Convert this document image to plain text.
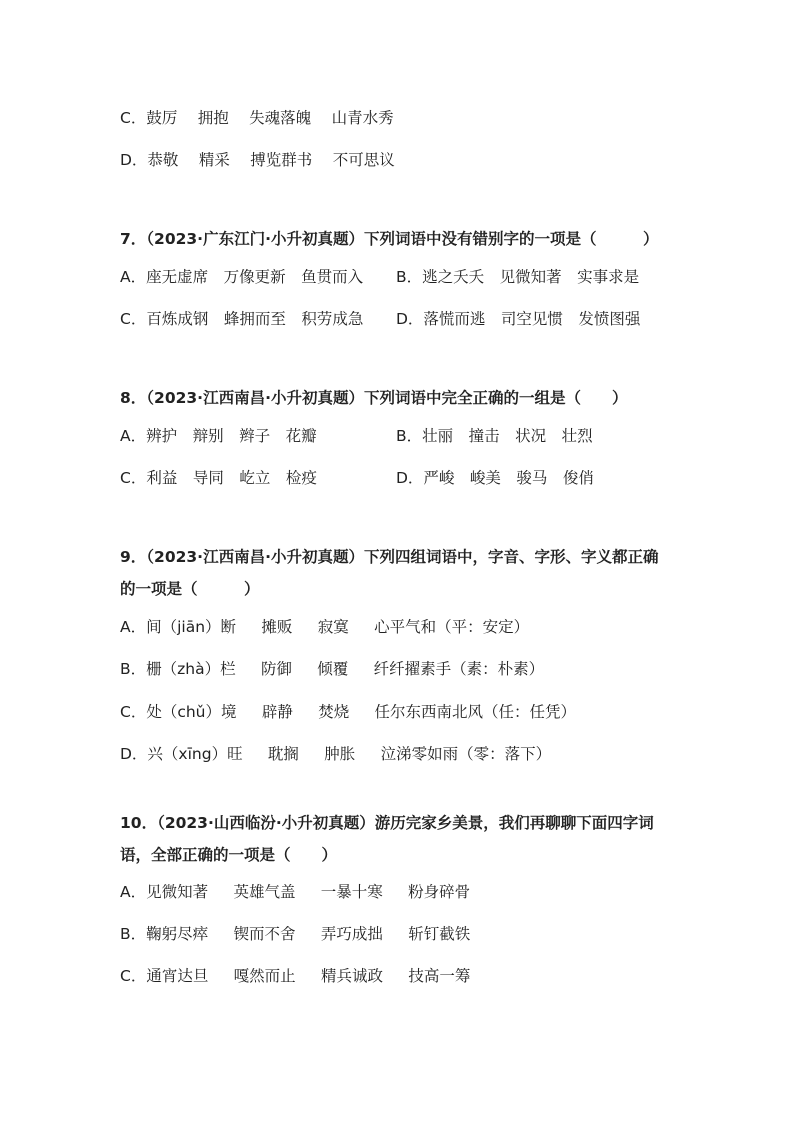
C．鼓厉　 拥抱　 失魂落魄　 山青水秀
D．恭敬　 精采　 搏览群书　 不可思议
7．（2023·广东江门·小升初真题）下列词语中没有错别字的一项是（　　　）
A．座无虚席　万像更新　鱼贯而入 B．逃之夭夭　见微知著　实事求是
C．百炼成钢　蜂拥而至　积劳成急 D．落慌而逃　司空见惯　发愤图强
8．（2023·江西南昌·小升初真题）下列词语中完全正确的一组是（　　）
A．辨护　辩别　辫子　花瓣	B．壮丽　撞击　状况　壮烈
C．利益　导同　屹立　检疫	D．严峻　峻美　骏马　俊俏
9．（2023·江西南昌·小升初真题）下列四组词语中，字音、字形、字义都正确
的一项是（　　　）
A．间（jiān）断　  摊贩　  寂寞　  心平气和（平：安定）
B．栅（zhà）栏　  防御　  倾覆　  纤纤擢素手（素：朴素）
C．处（chǔ）境　  辟静　  焚烧　  任尔东西南北风（任：任凭）
D．兴（xīng）旺　  耽搁　  肿胀　  泣涕零如雨（零：落下）
10．（2023·山西临汾·小升初真题）游历完家乡美景，我们再聊聊下面四字词
语，全部正确的一项是（　　）
A．见微知著　  英雄气盖　  一暴十寒　  粉身碎骨
B．鞠躬尽瘁　  锲而不舍　  弄巧成拙　  斩钉截铁
C．通宵达旦　  嘎然而止　  精兵诚政　  技高一筹
